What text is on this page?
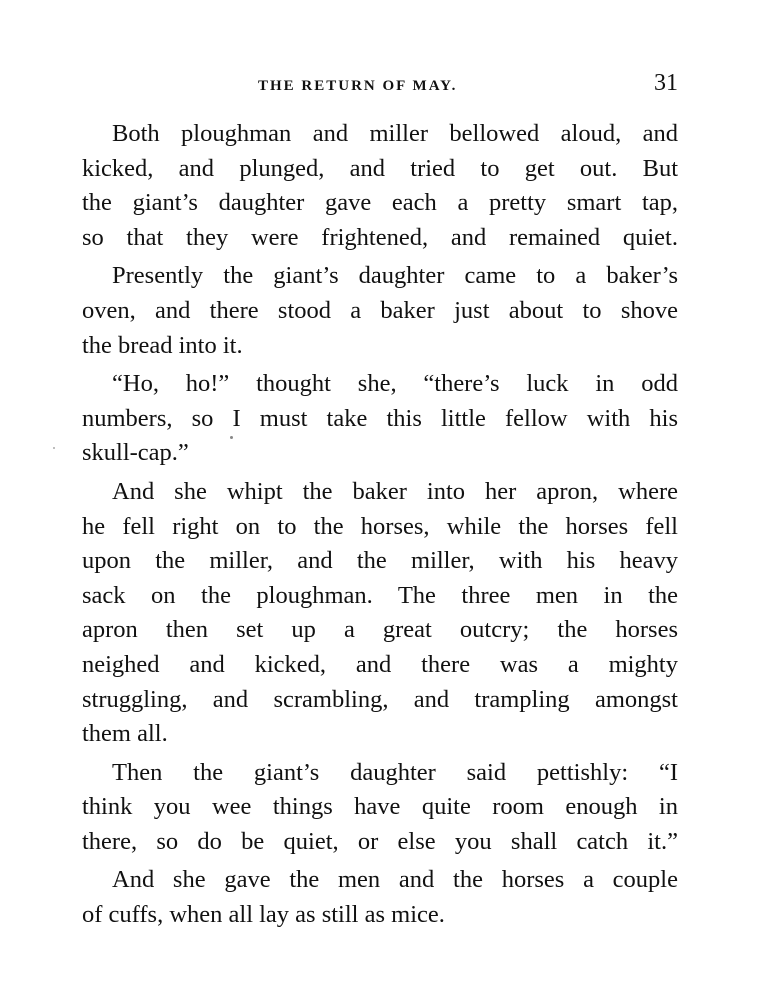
THE RETURN OF MAY.	31

Both ploughman and miller bellowed aloud, and
kicked, and plunged, and tried to get out. But
the giant’s daughter gave each a pretty smart tap,
so that they were frightened, and remained quiet.

Presently the giant’s daughter came to a baker’s
oven, and there stood a baker just about to shove
the bread into it.

“Ho, ho!” thought she, “there’s luck in odd
numbers, so I must take this little fellow with his
skull-cap.”

And she whipt the baker into her apron, where
he fell right on to the horses, while the horses fell
upon the miller, and the miller, with his heavy
sack on the ploughman. The three men in the
apron then set up a great outcry; the horses
neighed and kicked, and there was a mighty
struggling, and scrambling, and trampling amongst
them all.

Then the giant’s daughter said pettishly: “I
think you wee things have quite room enough in
there, so do be quiet, or else you shall catch it.”

And she gave the men and the horses a couple
of cuffs, when all lay as still as mice.
